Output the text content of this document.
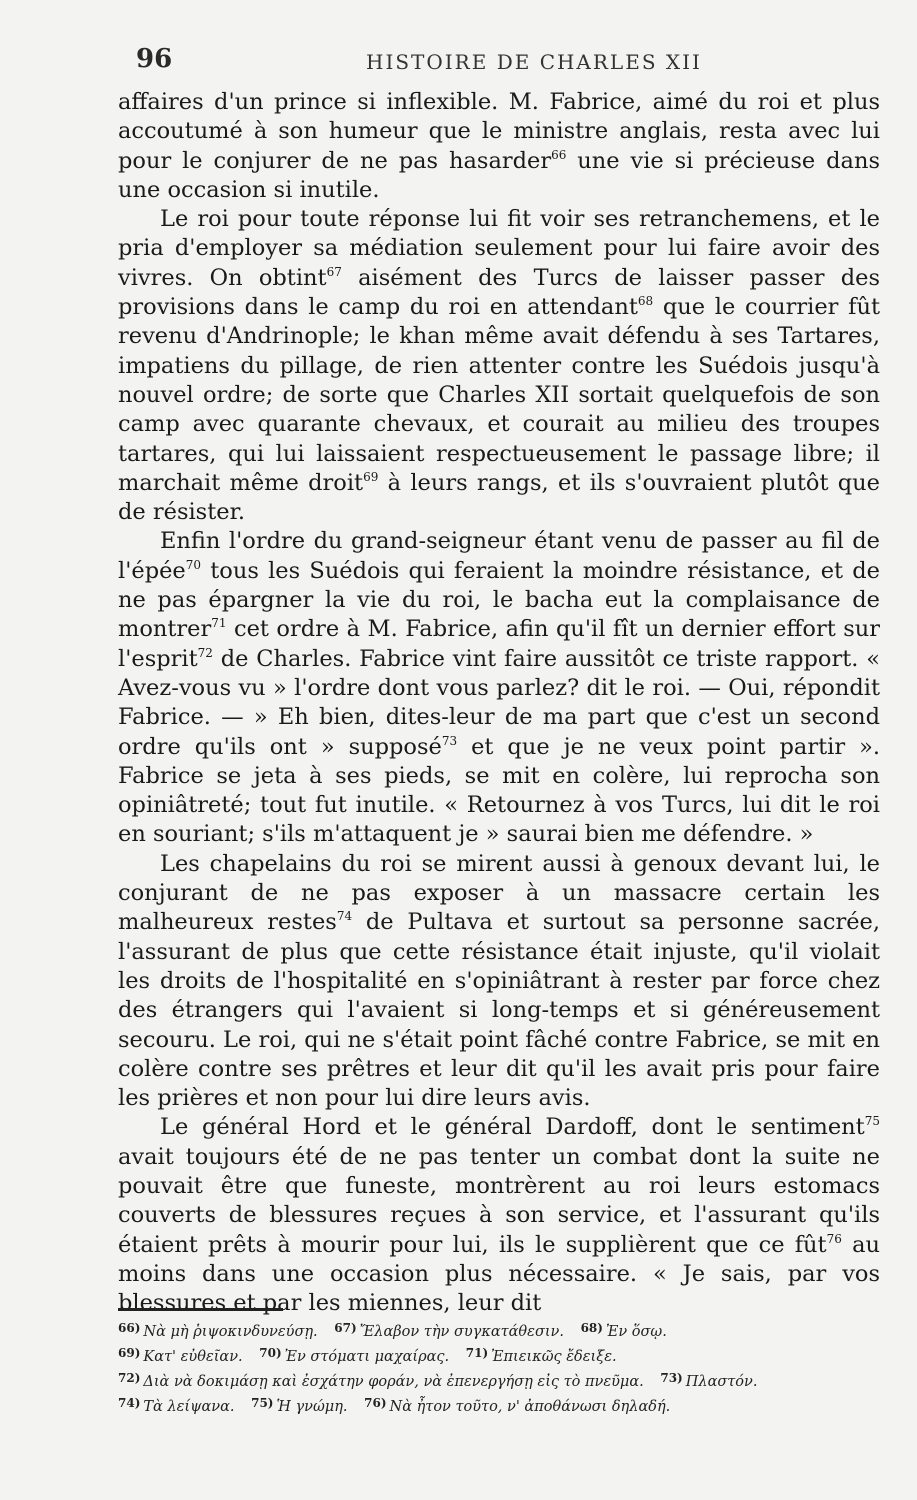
96	HISTOIRE DE CHARLES XII

affaires d'un prince si inflexible. M. Fabrice, aimé du roi et plus accoutumé à son humeur que le ministre anglais, resta avec lui pour le conjurer de ne pas hasarder$^{66}$ une vie si précieuse dans une occasion si inutile.

Le roi pour toute réponse lui fit voir ses retranchemens, et le pria d'employer sa médiation seulement pour lui faire avoir des vivres. On obtint$^{67}$ aisément des Turcs de laisser passer des provisions dans le camp du roi en attendant$^{68}$ que le courrier fût revenu d'Andrinople; le khan même avait défendu à ses Tartares, impatiens du pillage, de rien attenter contre les Suédois jusqu'à nouvel ordre; de sorte que Charles XII sortait quelquefois de son camp avec quarante chevaux, et courait au milieu des troupes tartares, qui lui laissaient respectueusement le passage libre; il marchait même droit$^{69}$ à leurs rangs, et ils s'ouvraient plutôt que de résister.

Enfin l'ordre du grand-seigneur étant venu de passer au fil de l'épée$^{70}$ tous les Suédois qui feraient la moindre résistance, et de ne pas épargner la vie du roi, le bacha eut la complaisance de montrer$^{71}$ cet ordre à M. Fabrice, afin qu'il fît un dernier effort sur l'esprit$^{72}$ de Charles. Fabrice vint faire aussitôt ce triste rapport. « Avez-vous vu » l'ordre dont vous parlez? dit le roi. — Oui, répondit Fabrice. — » Eh bien, dites-leur de ma part que c'est un second ordre qu'ils ont » supposé$^{73}$ et que je ne veux point partir ». Fabrice se jeta à ses pieds, se mit en colère, lui reprocha son opiniâtreté; tout fut inutile. « Retournez à vos Turcs, lui dit le roi en souriant; s'ils m'attaquent je » saurai bien me défendre. »

Les chapelains du roi se mirent aussi à genoux devant lui, le conjurant de ne pas exposer à un massacre certain les malheureux restes$^{74}$ de Pultava et surtout sa personne sacrée, l'assurant de plus que cette résistance était injuste, qu'il violait les droits de l'hospitalité en s'opiniâtrant à rester par force chez des étrangers qui l'avaient si long-temps et si généreusement secouru. Le roi, qui ne s'était point fâché contre Fabrice, se mit en colère contre ses prêtres et leur dit qu'il les avait pris pour faire les prières et non pour lui dire leurs avis.

Le général Hord et le général Dardoff, dont le sentiment$^{75}$ avait toujours été de ne pas tenter un combat dont la suite ne pouvait être que funeste, montrèrent au roi leurs estomacs couverts de blessures reçues à son service, et l'assurant qu'ils étaient prêts à mourir pour lui, ils le supplièrent que ce fût$^{76}$ au moins dans une occasion plus nécessaire. « Je sais, par vos blessures et par les miennes, leur dit

$^{66)}$ Νὰ μὴ ῥιψοκινδυνεύσῃ. $^{67)}$ Ἔλαβον τὴν συγκατάθεσιν. $^{68)}$ Ἐν ὅσῳ.
$^{69)}$ Κατ' εὐθεῖαν. $^{70)}$ Ἐν στόματι μαχαίρας. $^{71)}$ Ἐπιεικῶς ἔδειξε.
$^{72)}$ Διὰ νὰ δοκιμάσῃ καὶ ἐσχάτην φοράν, νὰ ἐπενεργήσῃ εἰς τὸ πνεῦμα. $^{73)}$ Πλαστόν.
$^{74)}$ Τὰ λείψανα. $^{75)}$ Ἡ γνώμη. $^{76)}$ Νὰ ἦτον τοῦτο, ν' ἀποθάνωσι δηλαδή.
